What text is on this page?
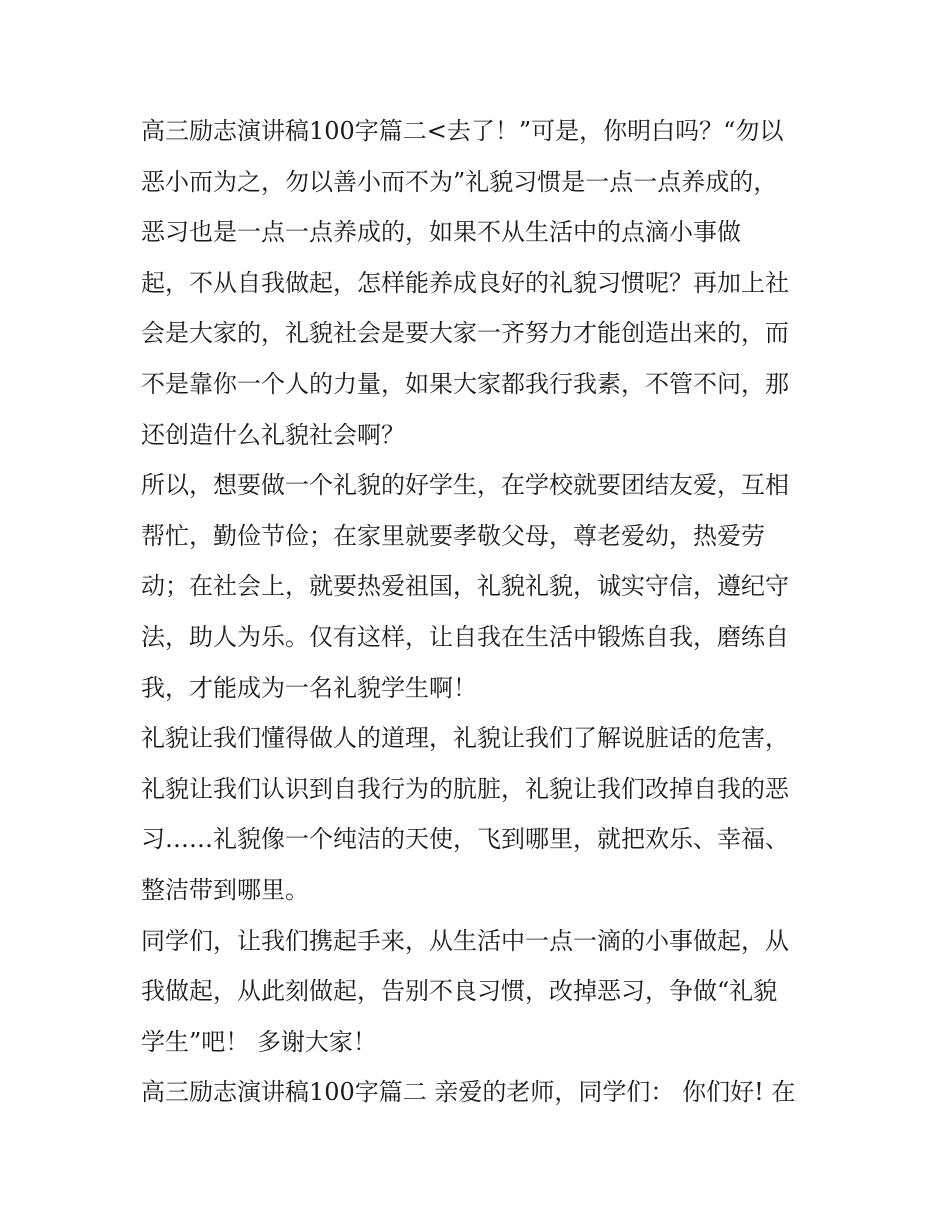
高三励志演讲稿100字篇二<去了！”可是，你明白吗？“勿以
恶小而为之，勿以善小而不为”礼貌习惯是一点一点养成的，
恶习也是一点一点养成的，如果不从生活中的点滴小事做
起，不从自我做起，怎样能养成良好的礼貌习惯呢？再加上社
会是大家的，礼貌社会是要大家一齐努力才能创造出来的，而
不是靠你一个人的力量，如果大家都我行我素，不管不问，那
还创造什么礼貌社会啊？
所以，想要做一个礼貌的好学生，在学校就要团结友爱，互相
帮忙，勤俭节俭；在家里就要孝敬父母，尊老爱幼，热爱劳
动；在社会上，就要热爱祖国，礼貌礼貌，诚实守信，遵纪守
法，助人为乐。仅有这样，让自我在生活中锻炼自我，磨练自
我，才能成为一名礼貌学生啊！
礼貌让我们懂得做人的道理，礼貌让我们了解说脏话的危害，
礼貌让我们认识到自我行为的肮脏，礼貌让我们改掉自我的恶
习……礼貌像一个纯洁的天使，飞到哪里，就把欢乐、幸福、
整洁带到哪里。
同学们，让我们携起手来，从生活中一点一滴的小事做起，从
我做起，从此刻做起，告别不良习惯，改掉恶习，争做“礼貌
学生”吧！ 多谢大家！
高三励志演讲稿100字篇二 亲爱的老师，同学们： 你们好! 在
